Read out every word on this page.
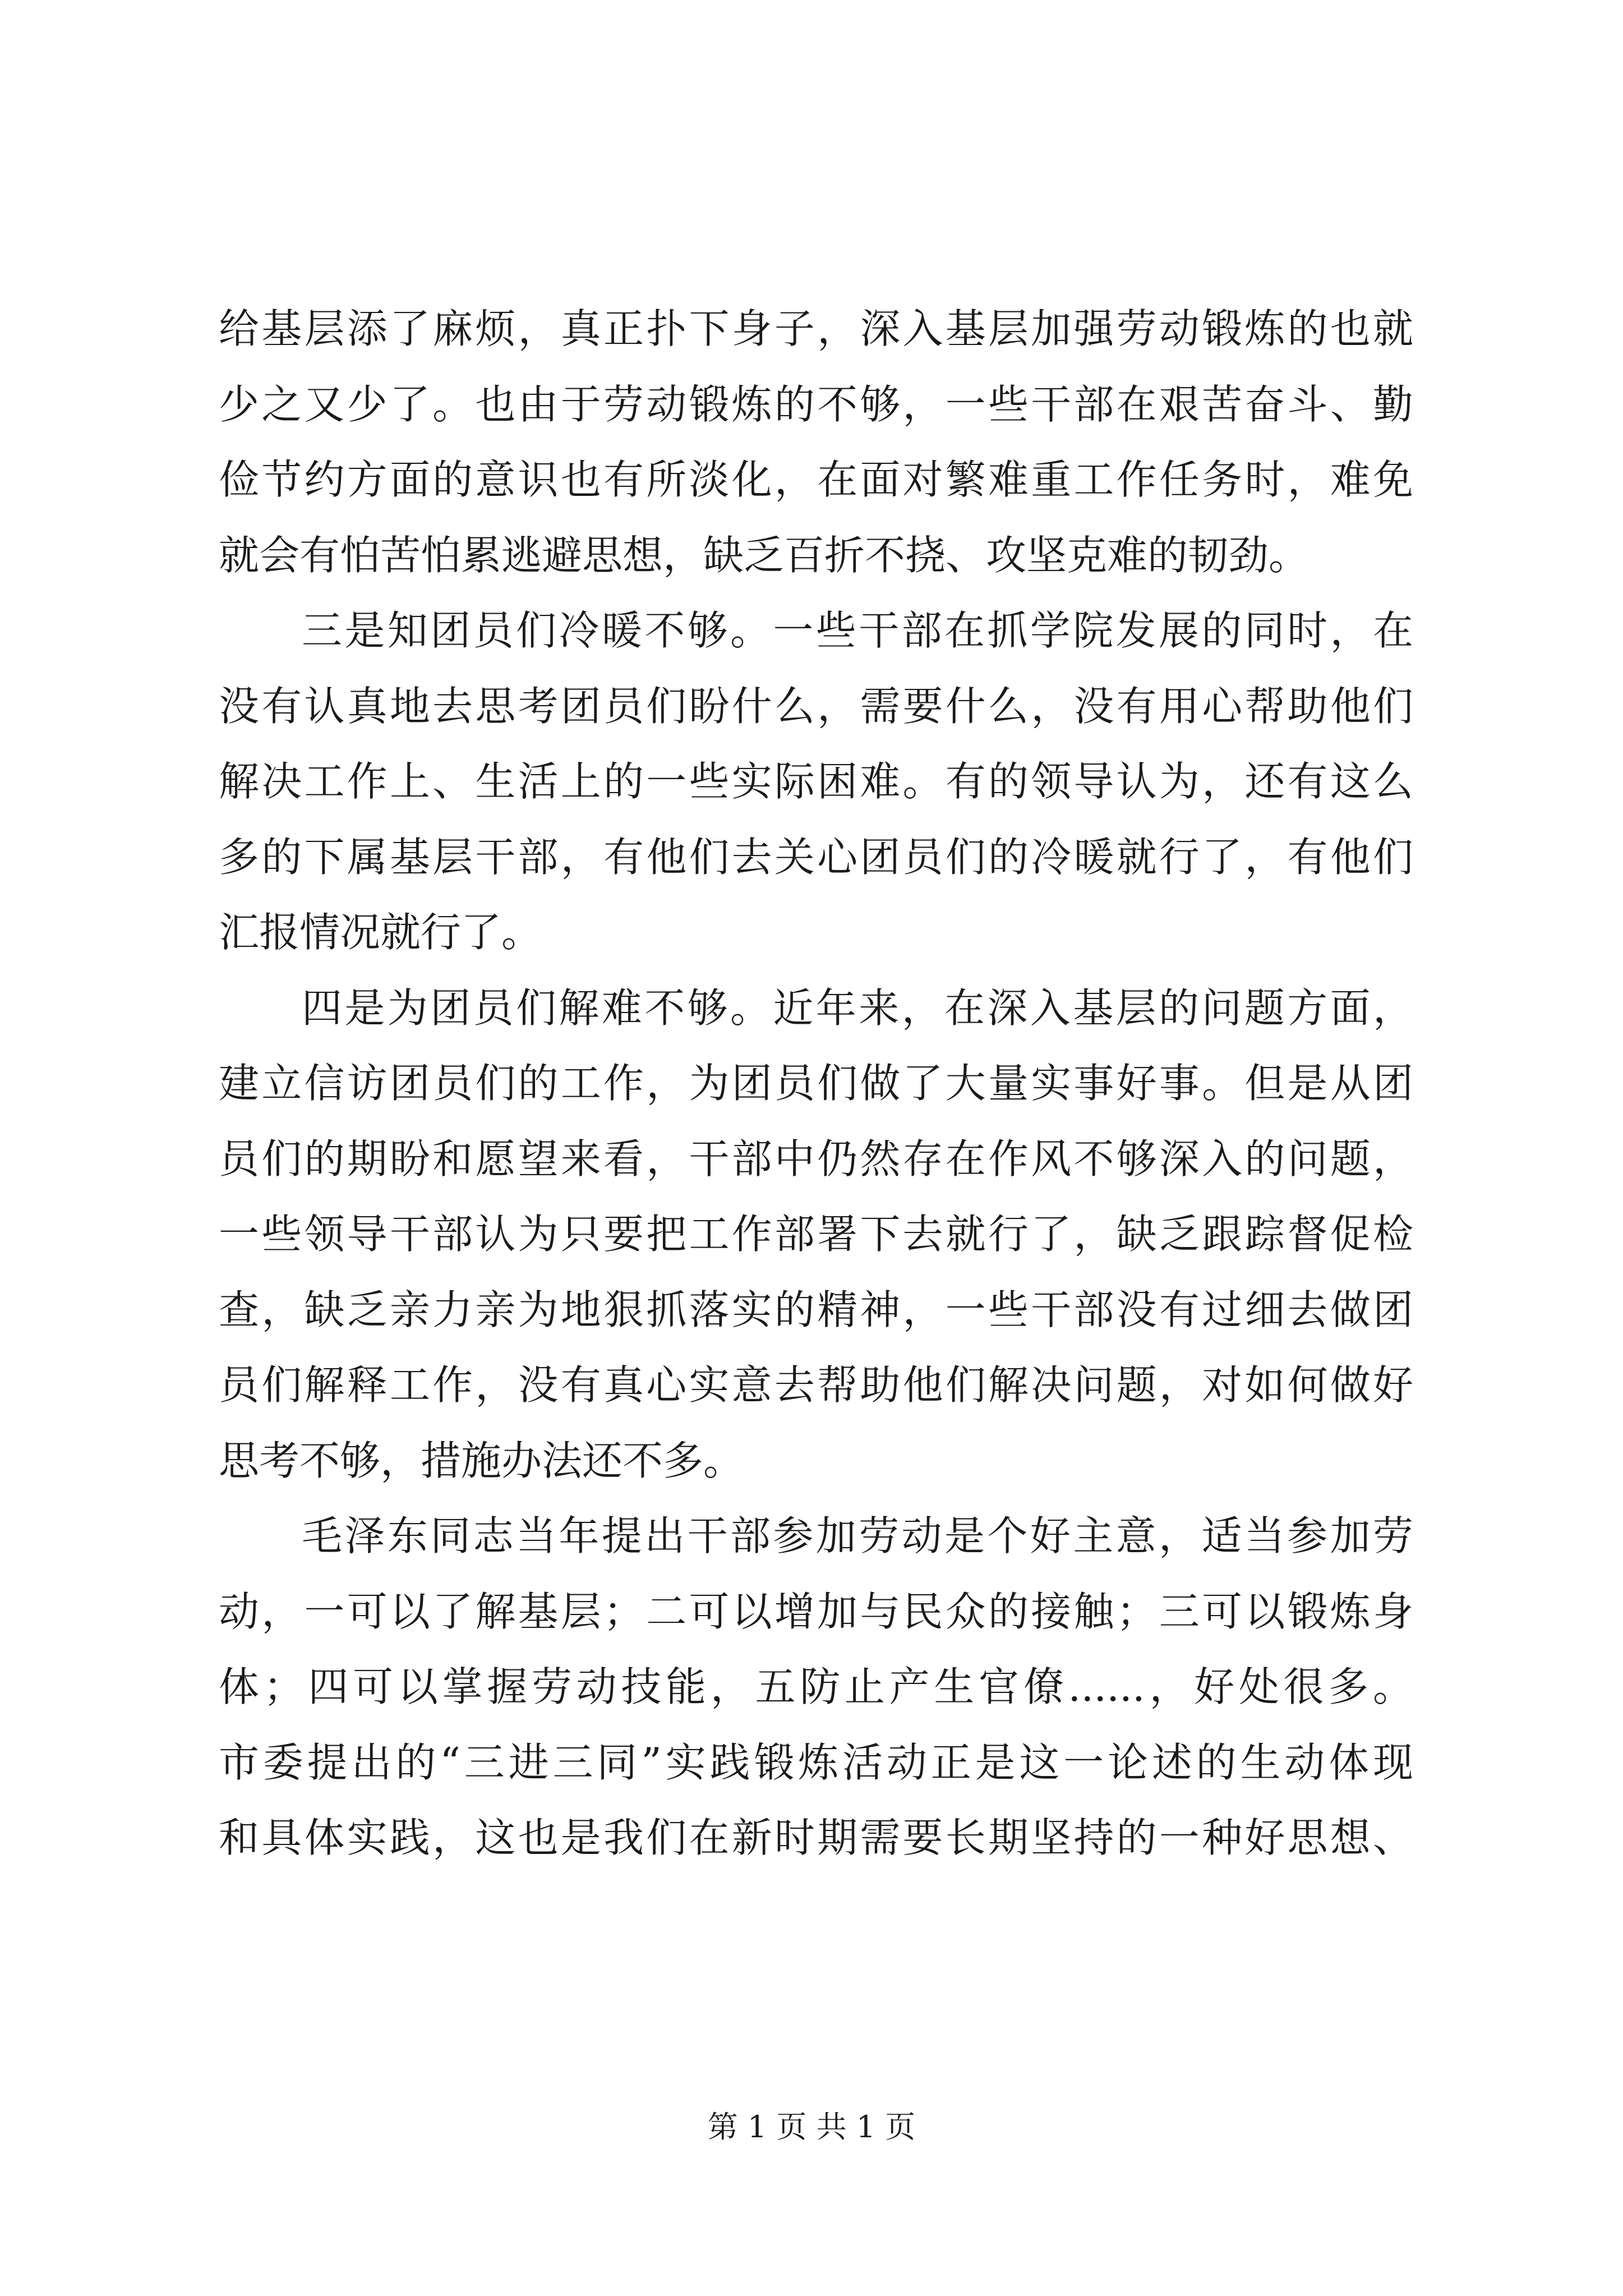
给基层添了麻烦，真正扑下身子，深入基层加强劳动锻炼的也就
少之又少了。也由于劳动锻炼的不够，一些干部在艰苦奋斗、勤
俭节约方面的意识也有所淡化，在面对繁难重工作任务时，难免
就会有怕苦怕累逃避思想，缺乏百折不挠、攻坚克难的韧劲。
三是知团员们冷暖不够。一些干部在抓学院发展的同时，在
没有认真地去思考团员们盼什么，需要什么，没有用心帮助他们
解决工作上、生活上的一些实际困难。有的领导认为，还有这么
多的下属基层干部，有他们去关心团员们的冷暖就行了，有他们
汇报情况就行了。
四是为团员们解难不够。近年来，在深入基层的问题方面，
建立信访团员们的工作，为团员们做了大量实事好事。但是从团
员们的期盼和愿望来看，干部中仍然存在作风不够深入的问题，
一些领导干部认为只要把工作部署下去就行了，缺乏跟踪督促检
查，缺乏亲力亲为地狠抓落实的精神，一些干部没有过细去做团
员们解释工作，没有真心实意去帮助他们解决问题，对如何做好
思考不够，措施办法还不多。
毛泽东同志当年提出干部参加劳动是个好主意，适当参加劳
动，一可以了解基层；二可以增加与民众的接触；三可以锻炼身
体；四可以掌握劳动技能，五防止产生官僚......，好处很多。
市委提出的“三进三同”实践锻炼活动正是这一论述的生动体现
和具体实践，这也是我们在新时期需要长期坚持的一种好思想、
第 1 页 共 1 页
